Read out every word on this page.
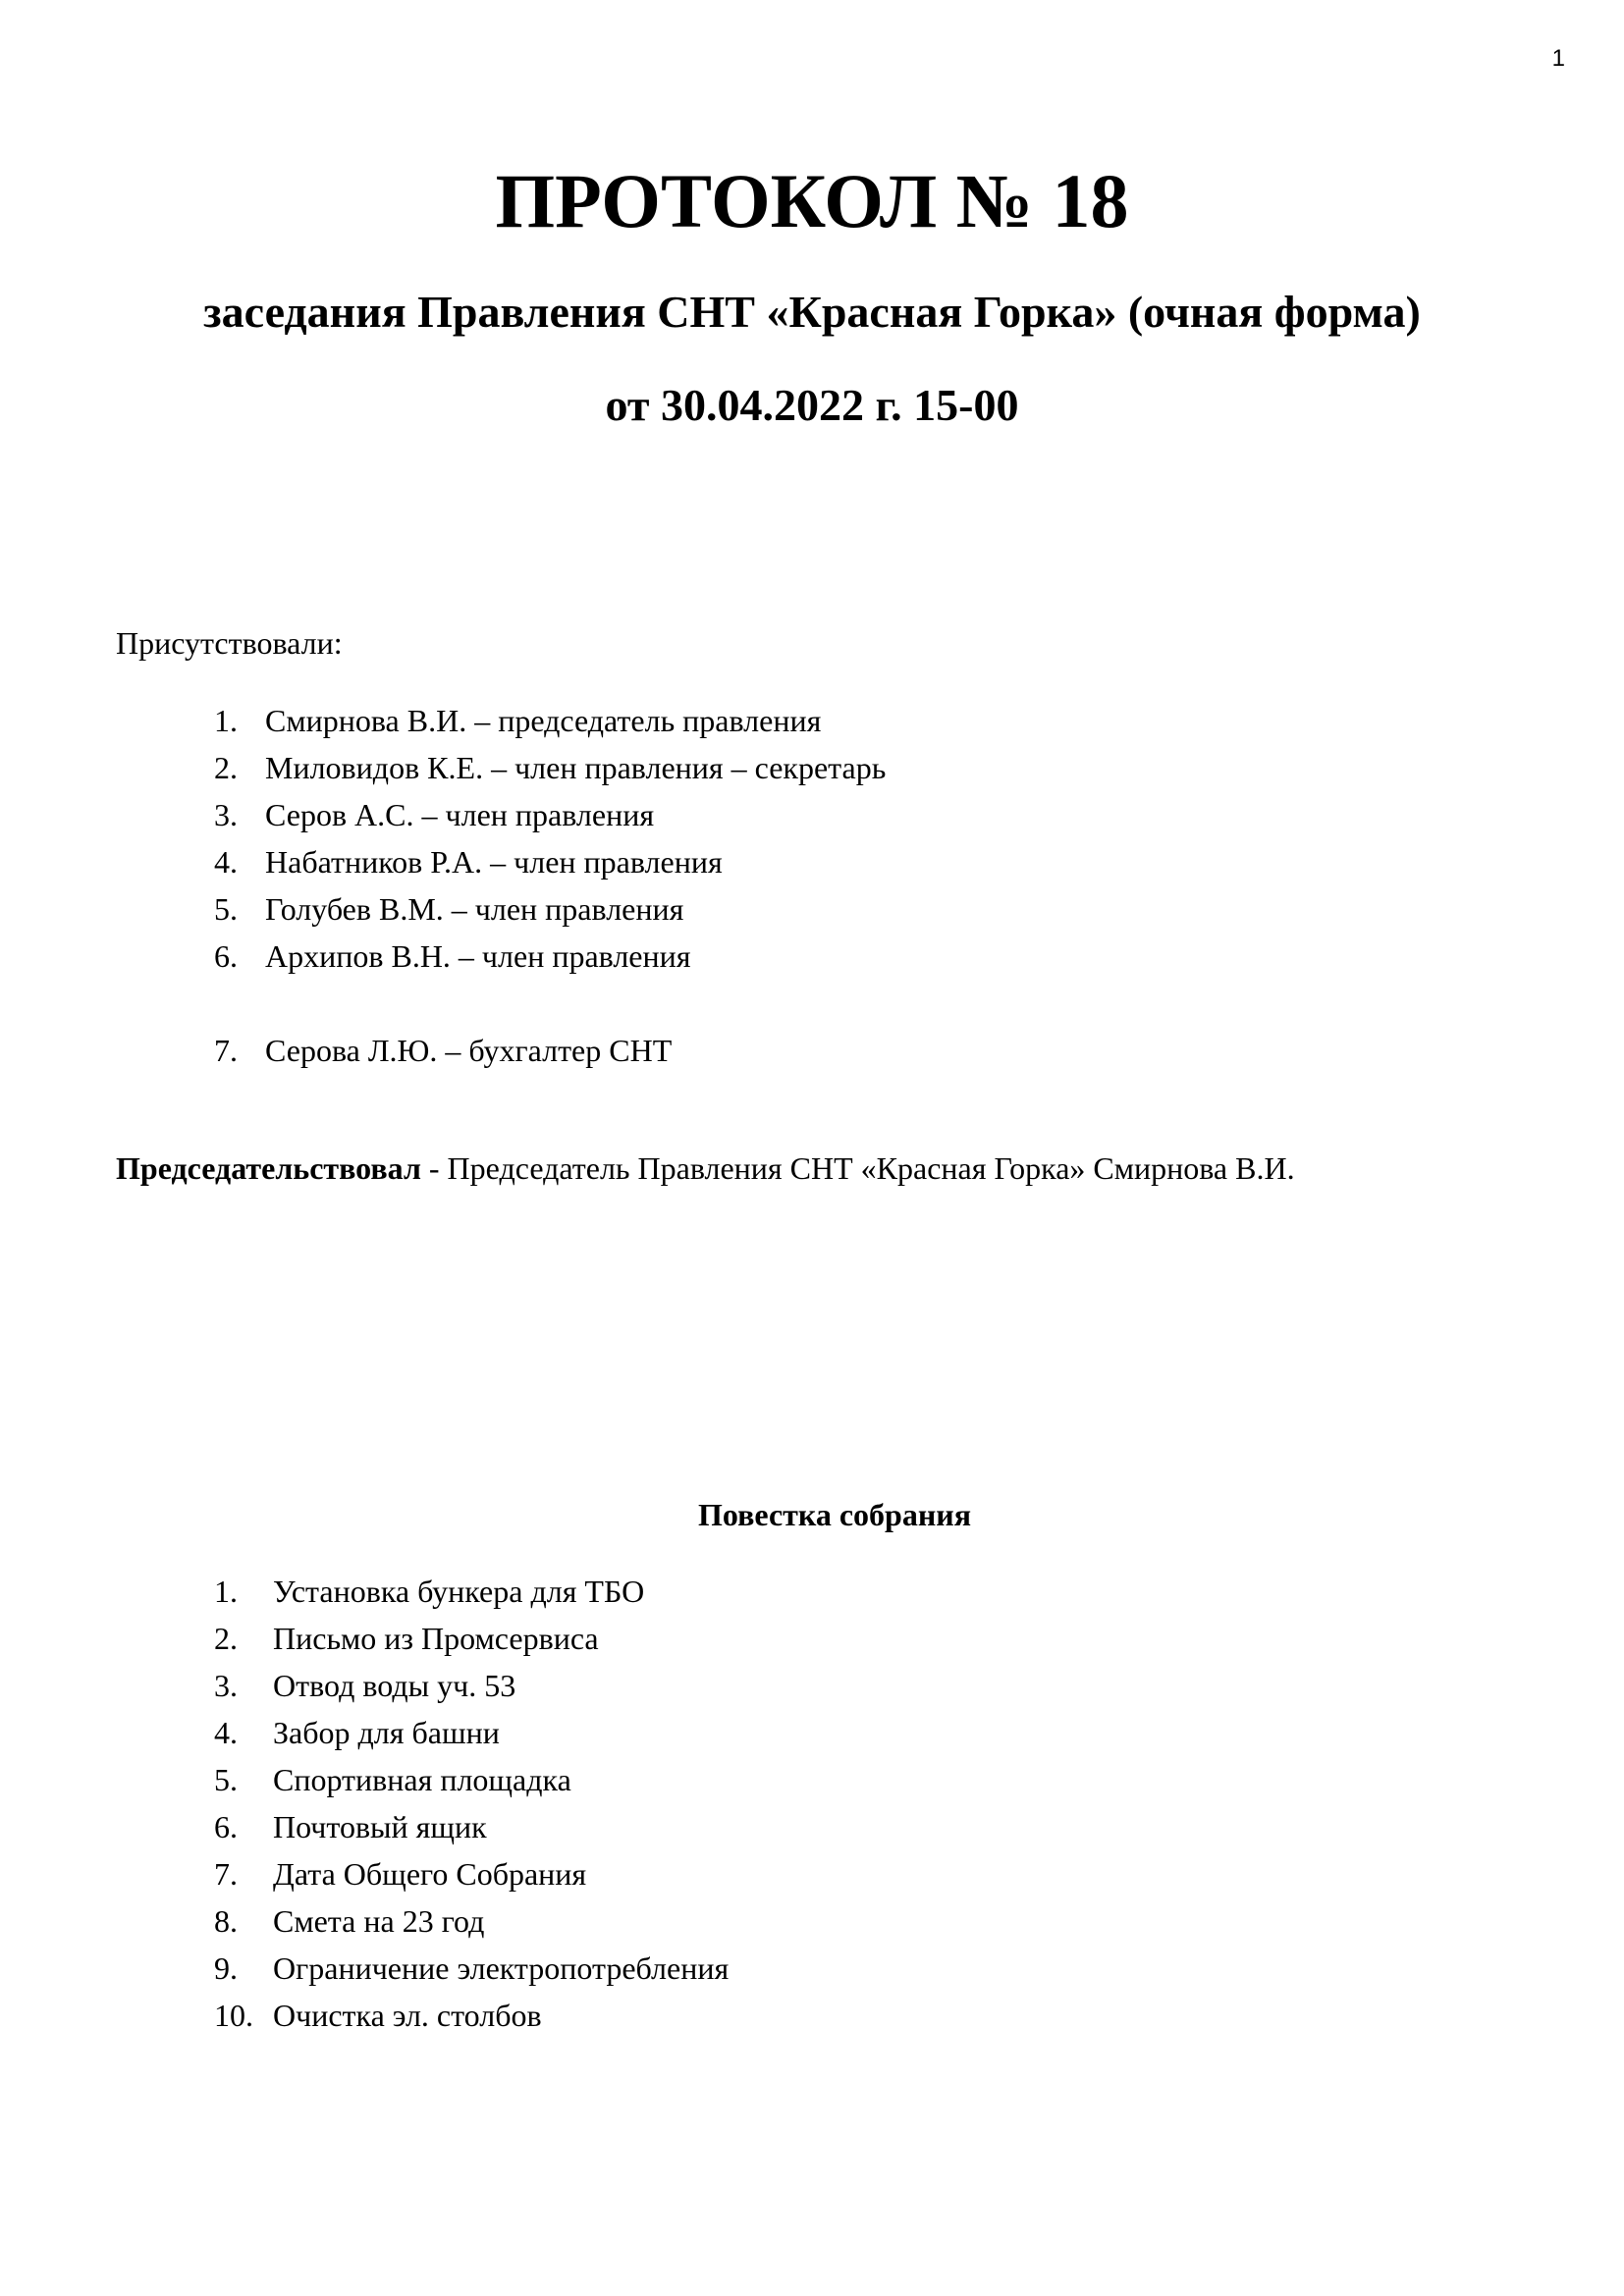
1
ПРОТОКОЛ № 18
заседания Правления СНТ «Красная Горка» (очная форма)
от 30.04.2022 г. 15-00
Присутствовали:
1. Смирнова В.И. – председатель правления
2. Миловидов К.Е. – член правления – секретарь
3. Серов А.С. – член правления
4. Набатников Р.А. – член правления
5. Голубев В.М. – член правления
6. Архипов В.Н. – член правления
7. Серова Л.Ю. – бухгалтер СНТ
Председательствовал - Председатель Правления СНТ «Красная Горка» Смирнова В.И.
Повестка собрания
1. Установка бункера для ТБО
2. Письмо из Промсервиса
3. Отвод воды уч. 53
4. Забор для башни
5. Спортивная площадка
6. Почтовый ящик
7. Дата Общего Собрания
8. Смета на 23 год
9. Ограничение электропотребления
10. Очистка эл. столбов
